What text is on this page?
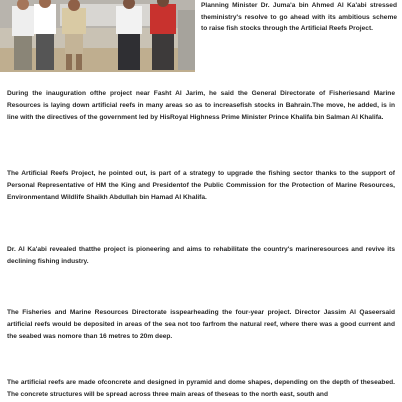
Planning Minister Dr. Juma'a bin Ahmed Al Ka'abi stressed theministry's resolve to go ahead with its ambitious scheme to raise fish stocks through the Artificial Reefs Project.

During the inauguration ofthe project near Fasht Al Jarim, he said the General Directorate of Fisheriesand Marine Resources is laying down artificial reefs in many areas so as to increasefish stocks in Bahrain.The move, he added, is in line with the directives of the government led by HisRoyal Highness Prime Minister Prince Khalifa bin Salman Al Khalifa.

The Artificial Reefs Project, he pointed out, is part of a strategy to upgrade the fishing sector thanks to the support of Personal Representative of HM the King and Presidentof the Public Commission for the Protection of Marine Resources, Environmentand Wildlife Shaikh Abdullah bin Hamad Al Khalifa.

Dr. Al Ka'abi revealed thatthe project is pioneering and aims to rehabilitate the country's marineresources and revive its declining fishing industry.

The Fisheries and Marine Resources Directorate isspearheading the four-year project. Director Jassim Al Qaseersaid artificial reefs would be deposited in areas of the sea not too farfrom the natural reef, where there was a good current and the seabed was nomore than 16 metres to 20m deep.

The artificial reefs are made ofconcrete and designed in pyramid and dome shapes, depending on the depth of theseabed. The concrete structures will be spread across three main areas of theseas to the north east, south and
